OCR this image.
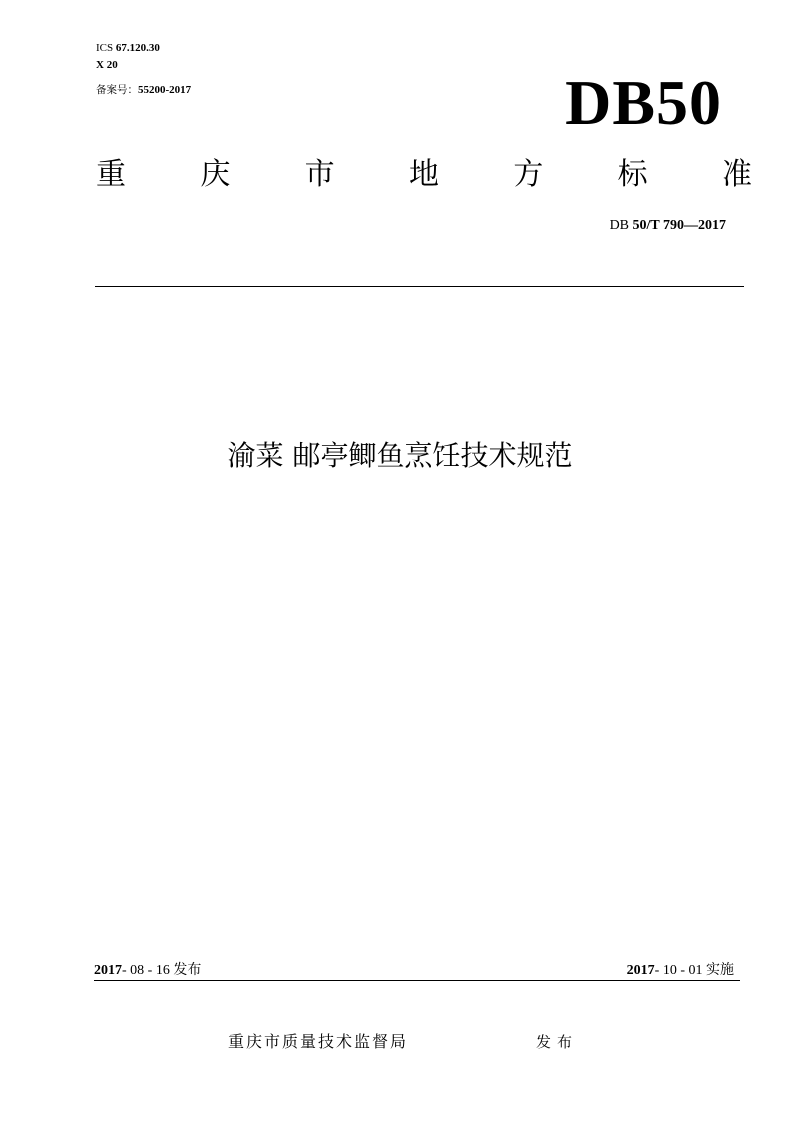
ICS 67.120.30
X 20
备案号：55200-2017	DB50
重 庆 市 地 方 标 准
DB 50/T 790—2017
渝菜 邮亭鲫鱼烹饪技术规范
2017- 08 - 16 发布	2017- 10 - 01 实施
重庆市质量技术监督局	发布
